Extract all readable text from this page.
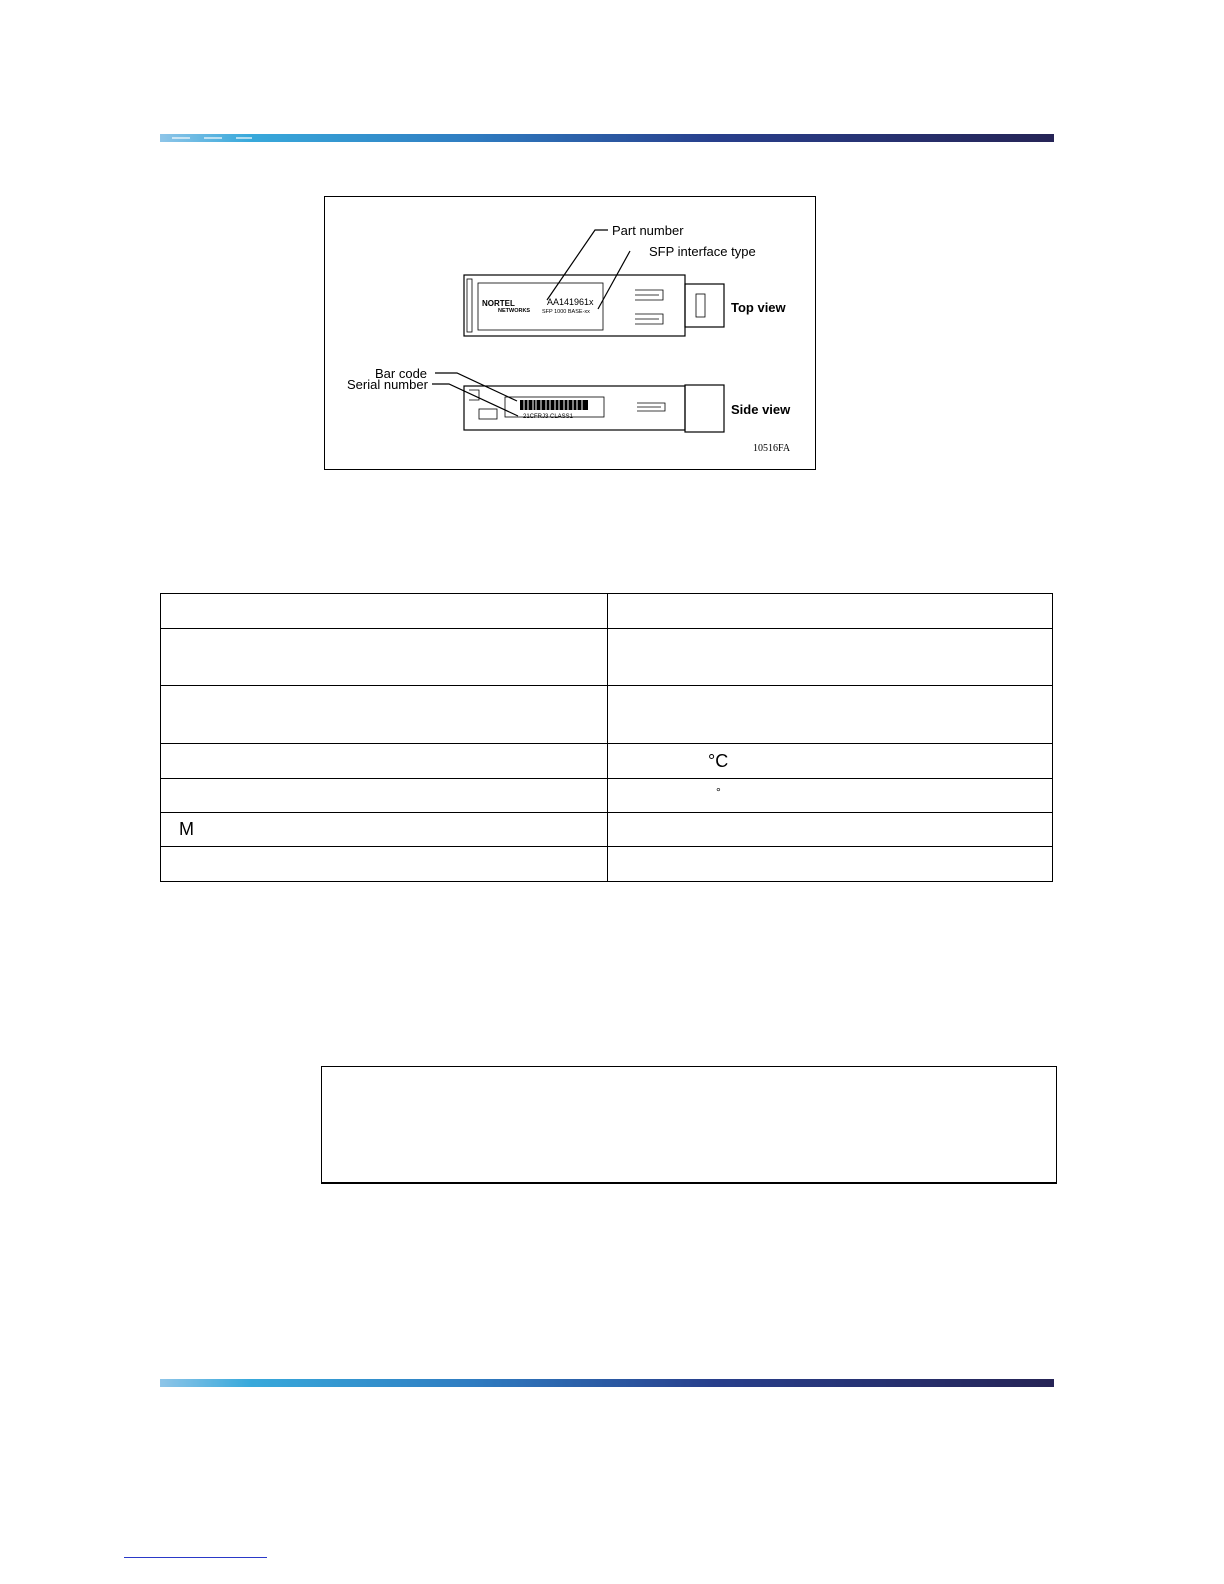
NORTEL
NETWORKS
AA141961x
SFP 1000 BASE-xx
21CFRJ3 CLASS1
Part number
SFP interface type
Bar code
Serial number
Top view
Side view
10516FA

	°C
	°
M	
